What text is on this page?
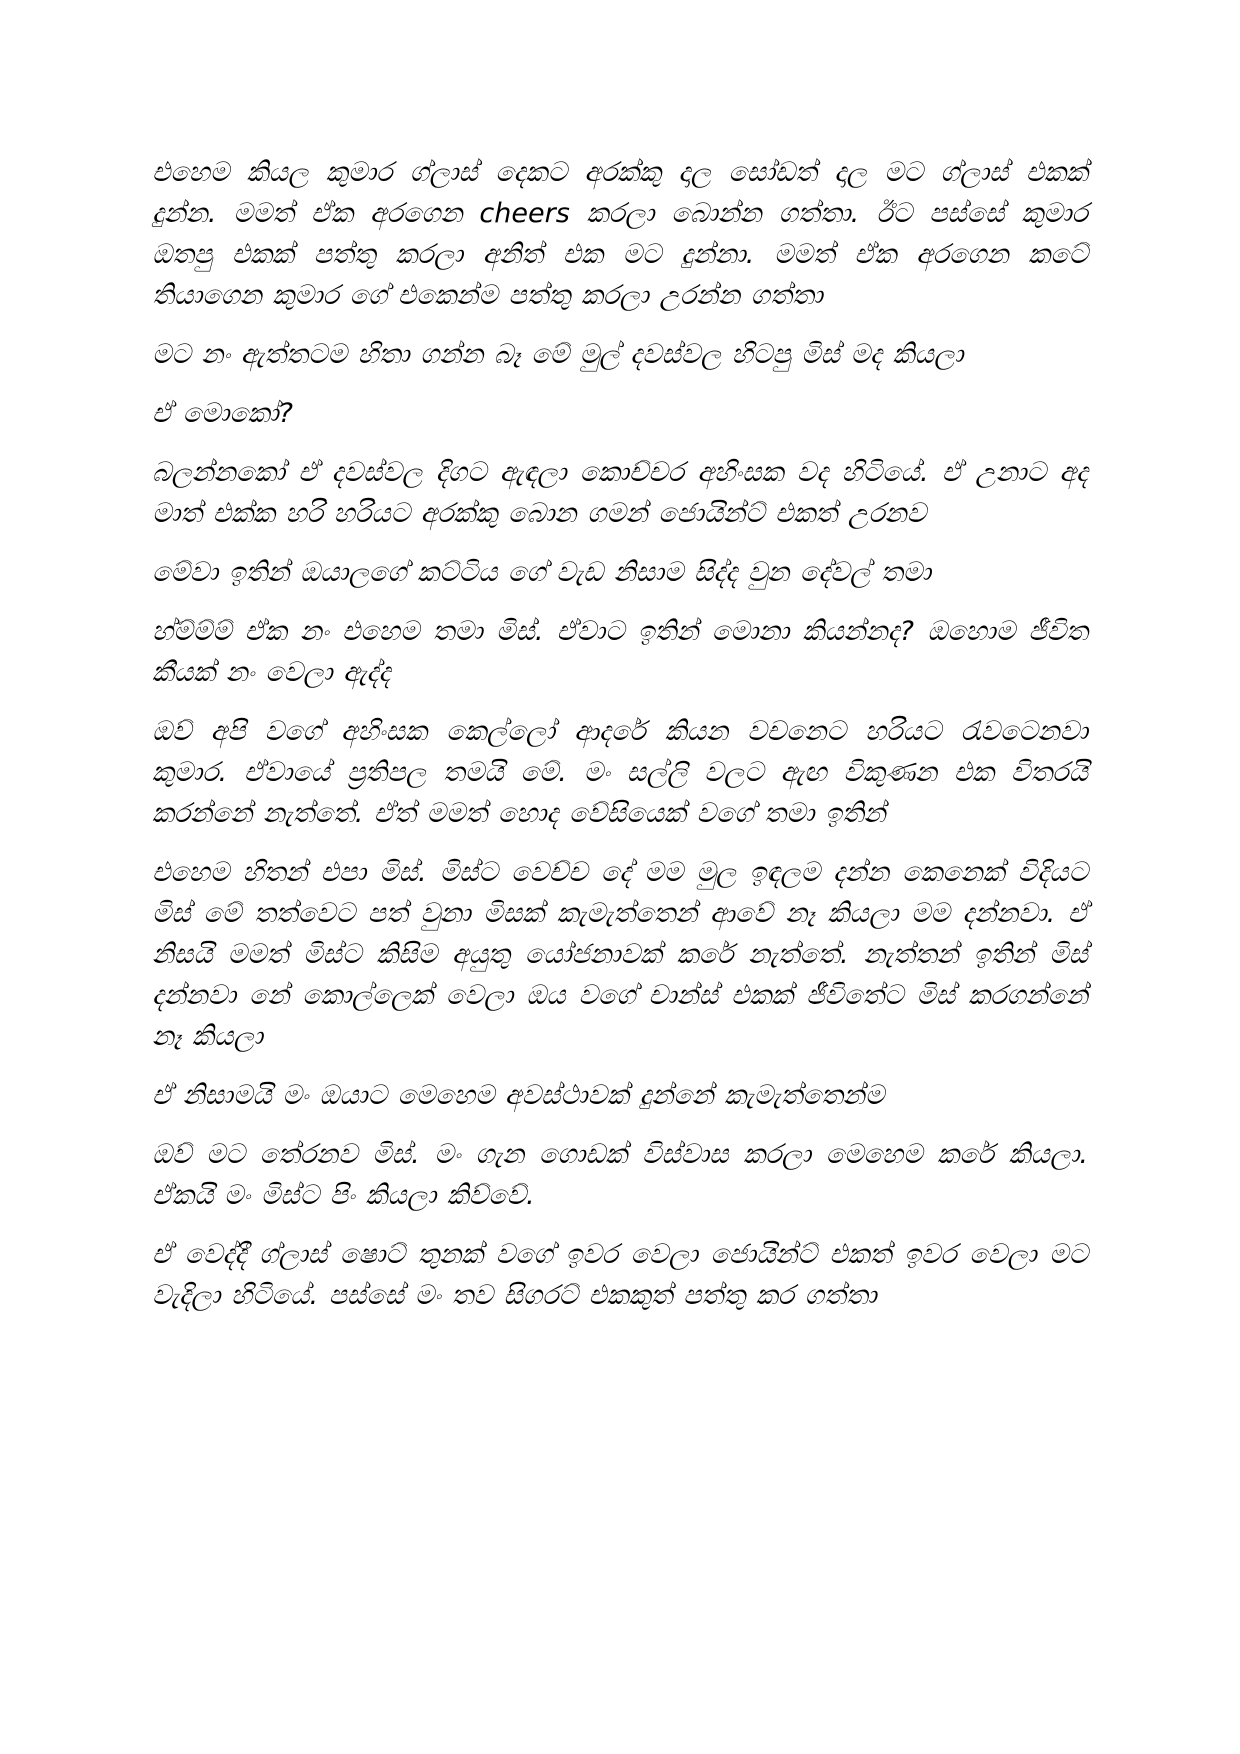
එහෙම කියල කුමාර ග්ලාස් දෙකට අරක්කු දාල සෝඩත් දාල මට ග්ලාස් එකක් දුන්න. මමත් ඒක අරගෙන cheers කරලා බොන්න ගත්තා. ඊට පස්සේ කුමාර ඔතපු එකක් පත්තු කරලා අනිත් එක මට දුන්නා. මමත් ඒක අරගෙන කටේ තියාගෙන කුමාර ගේ එකෙන්ම පත්තු කරලා උරන්න ගත්තා

මට නං ඇත්තටම හිතා ගන්න බෑ මේ මුල් දවස්වල හිටපු මිස් මද කියලා

ඒ මොකෝ?

බලන්නකෝ ඒ දවස්වල දිගට ඇඳලා කොච්චර අහිංසක වද හිටියේ. ඒ උනාට අද මාත් එක්ක හරි හරියට අරක්කු බොන ගමන් ජොයින්ට් එකත් උරනව

මේවා ඉතින් ඔයාලගේ කට්ටිය ගේ වැඩ නිසාම සිද්ද වුන දේවල් තමා

හ්ම්ම්ම් ඒක නං එහෙම තමා මිස්. ඒවාට ඉතින් මොනා කියන්නද? ඔහොම ජීවිත කීයක් නං වෙලා ඇද්ද

ඔව් අපි වගේ අහිංසක කෙල්ලෝ ආදරේ කියන වචනෙට හරියට රැවටෙනවා කුමාර. ඒවායේ ප්‍රතිපල තමයි මේ. මං සල්ලි වලට ඇඟ විකුණන එක විතරයි කරන්නේ නැත්තේ. ඒත් මමත් හොද වේසියෙක් වගේ තමා ඉතින්

එහෙම හිතන් එපා මිස්. මිස්ට වෙච්ච දේ මම මුල ඉඳලම දන්න කෙනෙක් විදියට මිස් මේ තත්වෙට පත් වුනා මිසක් කැමැත්තෙන් ආවේ නෑ කියලා මම දන්නවා. ඒ නිසයි මමත් මිස්ට කිසිම අයුතු යෝජනාවක් කරේ නැත්තේ. නැත්තන් ඉතින් මිස් දන්නවා නේ කොල්ලෙක් වෙලා ඔය වගේ චාන්ස් එකක් ජීවිතේට මිස් කරගන්නේ නෑ කියලා

ඒ නිසාමයි මං ඔයාට මෙහෙම අවස්ථාවක් දුන්නේ කැමැත්තෙන්ම

ඔව් මට තේරනව මිස්. මං ගැන ගොඩක් විස්වාස කරලා මෙහෙම කරේ කියලා. ඒකයි මං මිස්ට පිං කියලා කිව්වේ.

ඒ වෙද්දී ග්ලාස් ෂොට් තුනක් වගේ ඉවර වෙලා ජොයින්ට් එකත් ඉවර වෙලා මට වැදිලා හිටියේ. පස්සේ මං තව සිගරට් එකකුත් පත්තු කර ගත්තා
